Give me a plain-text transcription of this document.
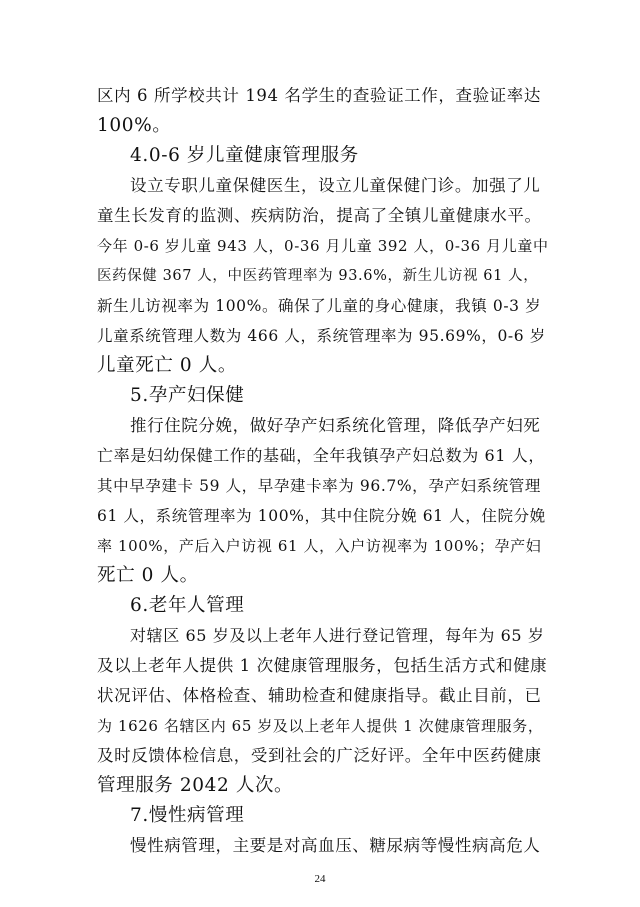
区内 6 所学校共计 194 名学生的查验证工作，查验证率达
100%。
4.0-6 岁儿童健康管理服务
设立专职儿童保健医生，设立儿童保健门诊。加强了儿
童生长发育的监测、疾病防治，提高了全镇儿童健康水平。
今年 0-6 岁儿童 943 人，0-36 月儿童 392 人，0-36 月儿童中
医药保健 367 人，中医药管理率为 93.6%，新生儿访视 61 人，
新生儿访视率为 100%。确保了儿童的身心健康，我镇 0-3 岁
儿童系统管理人数为 466 人，系统管理率为 95.69%，0-6 岁
儿童死亡 0 人。
5.孕产妇保健
推行住院分娩，做好孕产妇系统化管理，降低孕产妇死
亡率是妇幼保健工作的基础，全年我镇孕产妇总数为 61 人，
其中早孕建卡 59 人，早孕建卡率为 96.7%，孕产妇系统管理
61 人，系统管理率为 100%，其中住院分娩 61 人，住院分娩
率 100%，产后入户访视 61 人，入户访视率为 100%；孕产妇
死亡 0 人。
6.老年人管理
对辖区 65 岁及以上老年人进行登记管理，每年为 65 岁
及以上老年人提供 1 次健康管理服务，包括生活方式和健康
状况评估、体格检查、辅助检查和健康指导。截止目前，已
为 1626 名辖区内 65 岁及以上老年人提供 1 次健康管理服务，
及时反馈体检信息，受到社会的广泛好评。全年中医药健康
管理服务 2042 人次。
7.慢性病管理
慢性病管理，主要是对高血压、糖尿病等慢性病高危人
24
